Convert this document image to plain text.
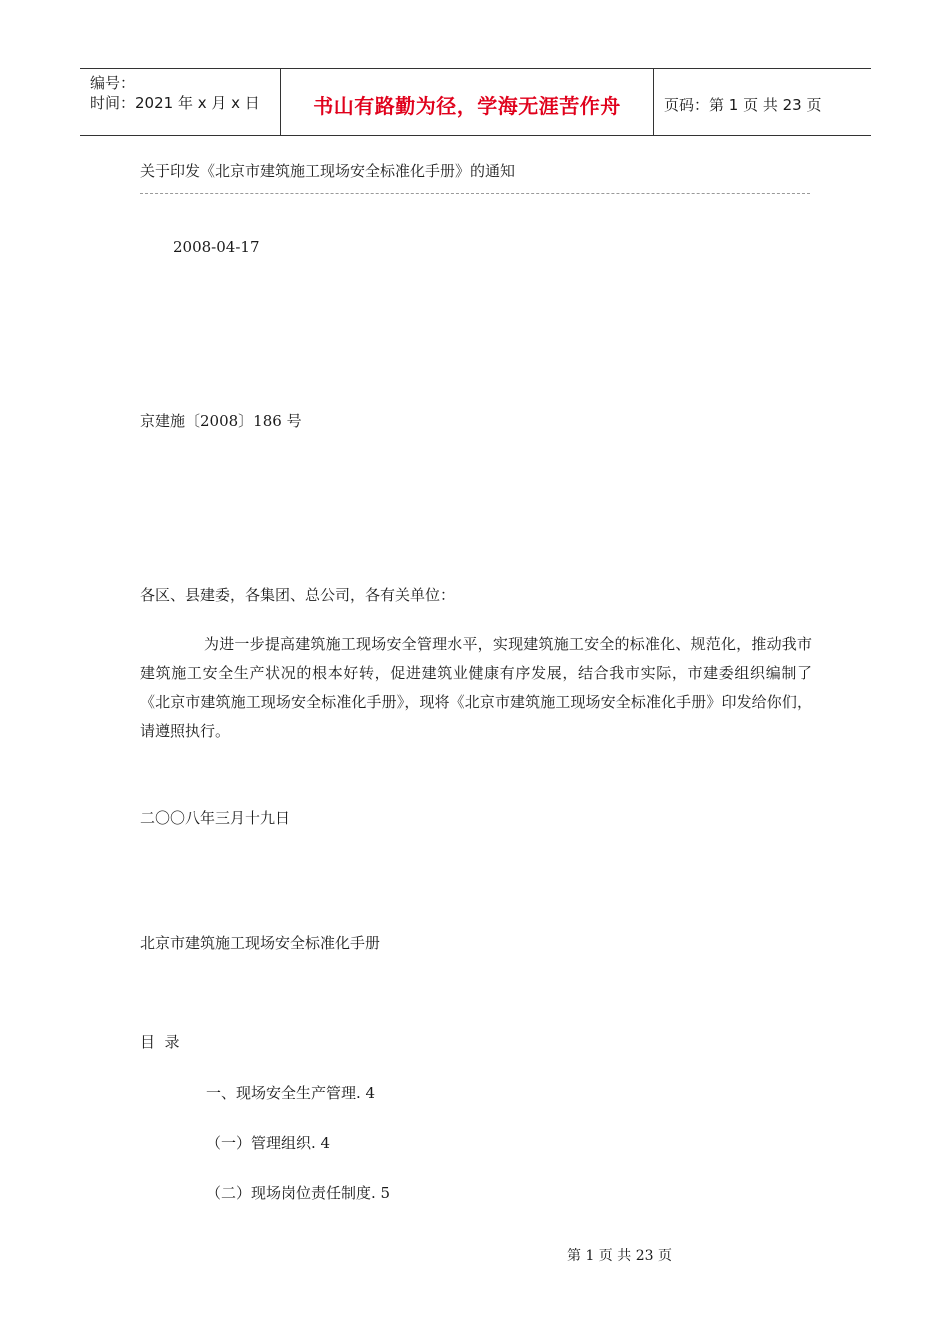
编号：
时间：2021 年 x 月 x 日	书山有路勤为径，学海无涯苦作舟	页码：第 1 页 共 23 页
关于印发《北京市建筑施工现场安全标准化手册》的通知
2008-04-17
京建施〔2008〕186 号
各区、县建委，各集团、总公司，各有关单位：
为进一步提高建筑施工现场安全管理水平，实现建筑施工安全的标准化、规范化，推动我市建筑施工安全生产状况的根本好转，促进建筑业健康有序发展，结合我市实际，市建委组织编制了《北京市建筑施工现场安全标准化手册》，现将《北京市建筑施工现场安全标准化手册》印发给你们，请遵照执行。
二〇〇八年三月十九日
北京市建筑施工现场安全标准化手册
目  录
一、现场安全生产管理. 4
（一）管理组织. 4
（二）现场岗位责任制度. 5
第 1 页 共 23 页
